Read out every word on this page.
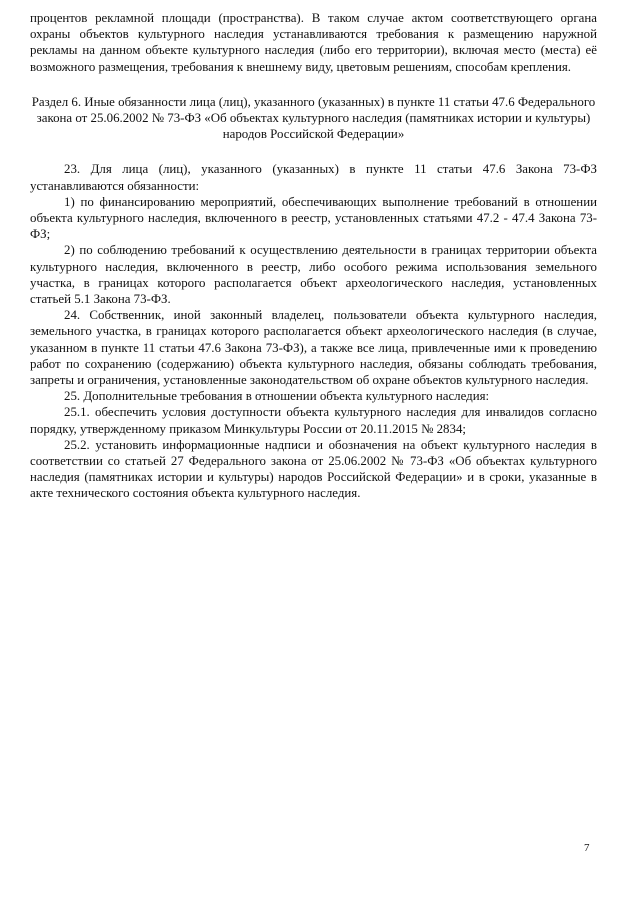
процентов рекламной площади (пространства). В таком случае актом соответствующего органа охраны объектов культурного наследия устанавливаются требования к размещению наружной рекламы на данном объекте культурного наследия (либо его территории), включая место (места) её возможного размещения, требования к внешнему виду, цветовым решениям, способам крепления.

Раздел 6. Иные обязанности лица (лиц), указанного (указанных) в пункте 11 статьи 47.6 Федерального закона от 25.06.2002 № 73-ФЗ «Об объектах культурного наследия (памятниках истории и культуры) народов Российской Федерации»

23. Для лица (лиц), указанного (указанных) в пункте 11 статьи 47.6 Закона 73-ФЗ устанавливаются обязанности:

1) по финансированию мероприятий, обеспечивающих выполнение требований в отношении объекта культурного наследия, включенного в реестр, установленных статьями 47.2 - 47.4 Закона 73-ФЗ;

2) по соблюдению требований к осуществлению деятельности в границах территории объекта культурного наследия, включенного в реестр, либо особого режима использования земельного участка, в границах которого располагается объект археологического наследия, установленных статьей 5.1 Закона 73-ФЗ.

24. Собственник, иной законный владелец, пользователи объекта культурного наследия, земельного участка, в границах которого располагается объект археологического наследия (в случае, указанном в пункте 11 статьи 47.6 Закона 73-ФЗ), а также все лица, привлеченные ими к проведению работ по сохранению (содержанию) объекта культурного наследия, обязаны соблюдать требования, запреты и ограничения, установленные законодательством об охране объектов культурного наследия.

25. Дополнительные требования в отношении объекта культурного наследия:

25.1. обеспечить условия доступности объекта культурного наследия для инвалидов согласно порядку, утвержденному приказом Минкультуры России от 20.11.2015 № 2834;

25.2. установить информационные надписи и обозначения на объект культурного наследия в соответствии со статьей 27 Федерального закона от 25.06.2002 № 73-ФЗ «Об объектах культурного наследия (памятниках истории и культуры) народов Российской Федерации» и в сроки, указанные в акте технического состояния объекта культурного наследия.

7
